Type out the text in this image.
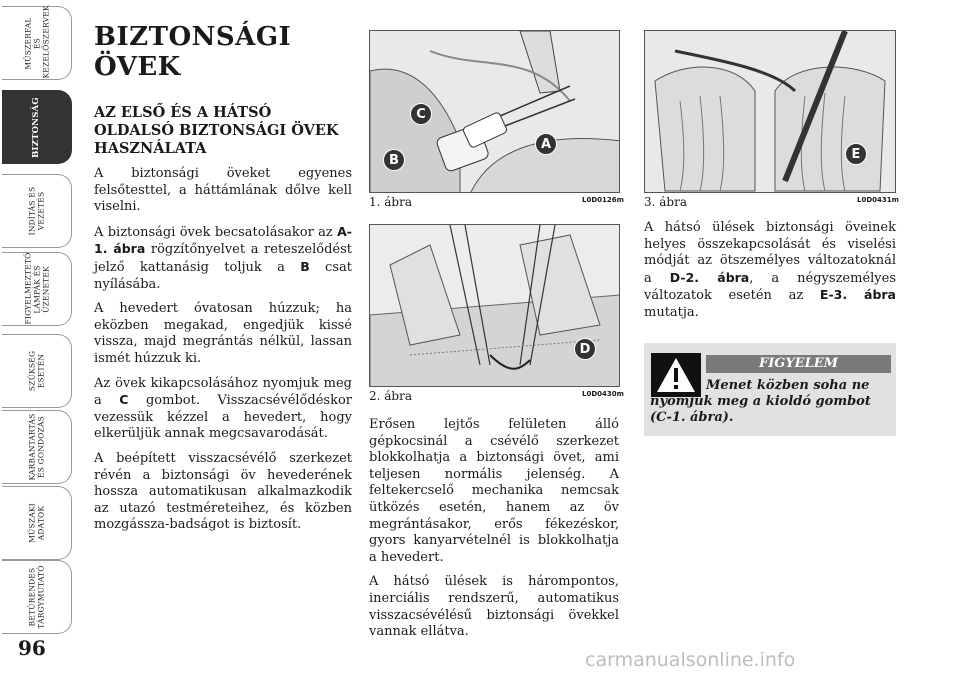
MŰSZERFAL
ÉS
KEZELŐSZERVEK
BIZTONSÁG
INDÍTÁS ÉS
VEZETÉS
FIGYELMEZTETŐ
LÁMPÁK ÉS
ÜZENETEK
SZÜKSÉG
ESETÉN
KARBANTARTÁS
ÉS GONDOZÁS
MŰSZAKI
ADATOK
BETŰRENDES
TÁRGYMUTATÓ
96
BIZTONSÁGI
ÖVEK
AZ ELSŐ ÉS A HÁTSÓ
OLDALSÓ BIZTONSÁGI ÖVEK
HASZNÁLATA

A biztonsági öveket egyenes felsőtesttel, a háttámlának dőlve kell viselni.

A biztonsági övek becsatolásakor az A-1. ábra rögzítőnyelvet a reteszelődést jelző kattanásig toljuk a B csat nyílásába.

A hevedert óvatosan húzzuk; ha eközben megakad, engedjük kissé vissza, majd megrántás nélkül, lassan ismét húzzuk ki.

Az övek kikapcsolásához nyomjuk meg a C gombot. Visszacsévélődéskor vezessük kézzel a hevedert, hogy elkerüljük annak megcsavarodását.

A beépített visszacsévélő szerkezet révén a biztonsági öv hevederének hossza automatikusan alkalmazkodik az utazó testméreteihez, és közben mozgássza-badságot is biztosít.

C
A
B
1. ábra	L0D0126m
D
2. ábra	L0D0430m

Erősen lejtős felületen álló gépkocsinál a csévélő szerkezet blokkolhatja a biztonsági övet, ami teljesen normális jelenség. A feltekercselő mechanika nemcsak ütközés esetén, hanem az öv megrántásakor, erős fékezéskor, gyors kanyarvételnél is blokkolhatja a hevedert.

A hátsó ülések is hárompontos, inerciális rendszerű, automatikus visszacsévélésű biztonsági övekkel vannak ellátva.

E
3. ábra	L0D0431m

A hátsó ülések biztonsági öveinek helyes összekapcsolását és viselési módját az ötszemélyes változatoknál a D-2. ábra, a négyszemélyes változatok esetén az E-3. ábra mutatja.

FIGYELEM
Menet közben soha ne nyomjuk meg a kioldó gombot (C-1. ábra).
carmanualsonline.info
